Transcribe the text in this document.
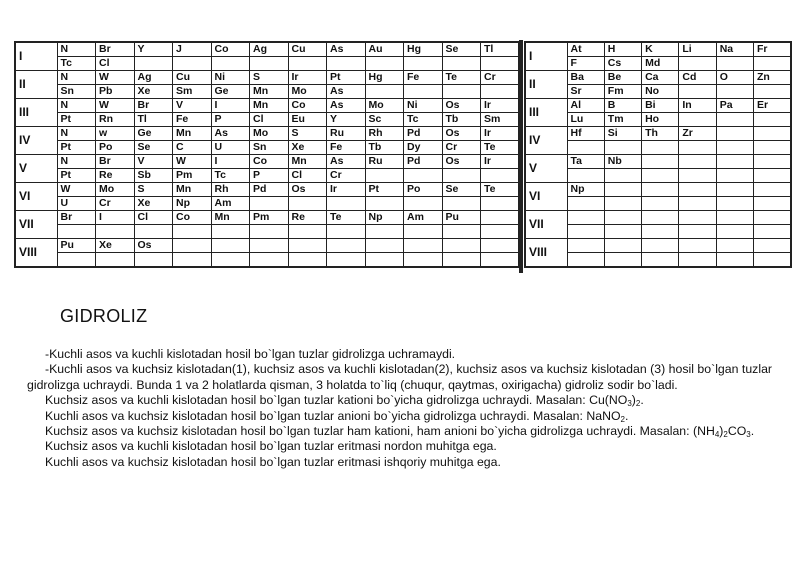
I	N	Br	Y	J	Co	Ag	Cu	As	Au	Hg	Se	Tl
	Tc	Cl										
II	N	W	Ag	Cu	Ni	S	Ir	Pt	Hg	Fe	Te	Cr
	Sn	Pb	Xe	Sm	Ge	Mn	Mo	As				
III	N	W	Br	V	I	Mn	Co	As	Mo	Ni	Os	Ir
	Pt	Rn	Tl	Fe	P	Cl	Eu	Y	Sc	Tc	Tb	Sm
IV	N	w	Ge	Mn	As	Mo	S	Ru	Rh	Pd	Os	Ir
	Pt	Po	Se	C	U	Sn	Xe	Fe	Tb	Dy	Cr	Te
V	N	Br	V	W	I	Co	Mn	As	Ru	Pd	Os	Ir
	Pt	Re	Sb	Pm	Tc	P	Cl	Cr				
VI	W	Mo	S	Mn	Rh	Pd	Os	Ir	Pt	Po	Se	Te
	U	Cr	Xe	Np	Am							
VII	Br	I	Cl	Co	Mn	Pm	Re	Te	Np	Am	Pu	

VIII	Pu	Xe	Os									

I	At	H	K	Li	Na	Fr
	F	Cs	Md			
II	Ba	Be	Ca	Cd	O	Zn
	Sr	Fm	No			
III	Al	B	Bi	In	Pa	Er
	Lu	Tm	Ho			
IV	Hf	Si	Th	Zr		

V	Ta	Nb				

VI	Np					

VII						

VIII						

GIDROLIZ

-Kuchli asos va kuchli kislotadan hosil bo`lgan tuzlar gidrolizga uchramaydi.

-Kuchli asos va kuchsiz kislotadan(1), kuchsiz asos va kuchli kislotadan(2), kuchsiz asos va kuchsiz kislotadan (3) hosil bo`lgan tuzlar gidrolizga uchraydi. Bunda 1 va 2 holatlarda qisman, 3 holatda to`liq (chuqur, qaytmas, oxirigacha) gidroliz sodir bo`ladi.

Kuchsiz asos va kuchli kislotadan hosil bo`lgan tuzlar kationi bo`yicha gidrolizga uchraydi. Masalan: $Cu(NO_3)_2$.

Kuchli asos va kuchsiz kislotadan hosil bo`lgan tuzlar anioni bo`yicha gidrolizga uchraydi. Masalan: NaNO$_2$.

Kuchsiz asos va kuchsiz kislotadan hosil bo`lgan tuzlar ham kationi, ham anioni bo`yicha gidrolizga uchraydi. Masalan: $(NH_4)_2CO_3$.

Kuchsiz asos va kuchli kislotadan hosil bo`lgan tuzlar eritmasi nordon muhitga ega.

Kuchli asos va kuchsiz kislotadan hosil bo`lgan tuzlar eritmasi ishqoriy muhitga ega.
